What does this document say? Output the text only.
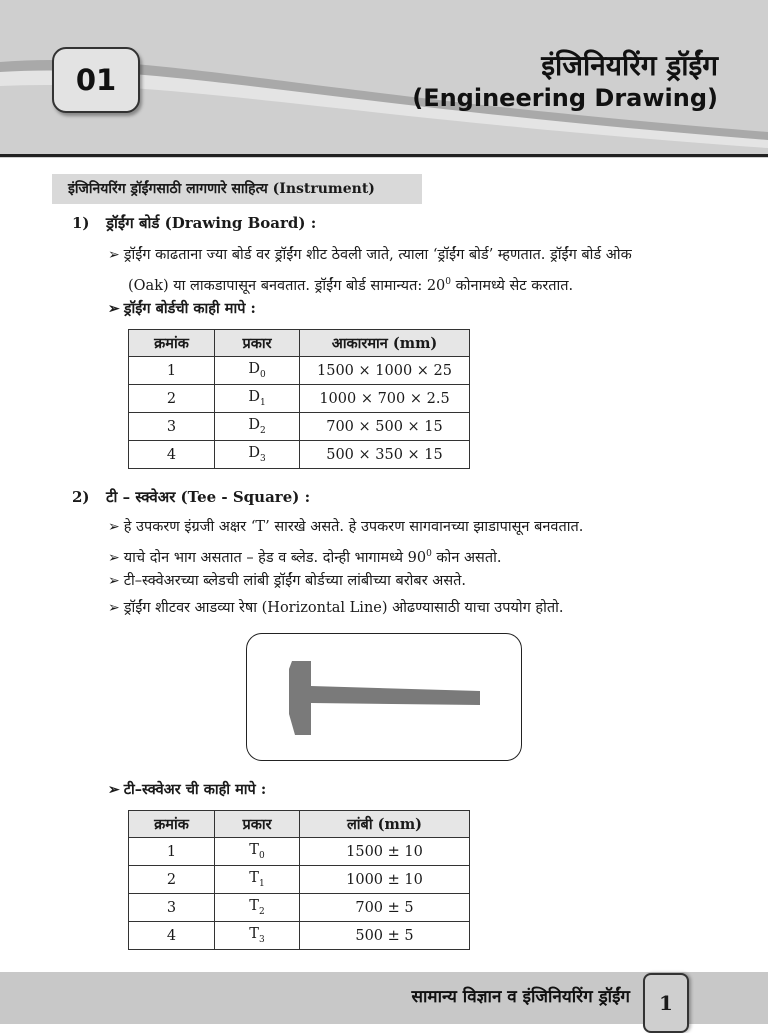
01	इंजिनियरिंग ड्रॉईंग
(Engineering Drawing)
इंजिनियरिंग ड्रॉईंगसाठी लागणारे साहित्य (Instrument)
1) ड्रॉईंग बोर्ड (Drawing Board) :
➢ ड्रॉईंग काढताना ज्या बोर्ड वर ड्रॉईंग शीट ठेवली जाते, त्याला ‘ड्रॉईंग बोर्ड’ म्हणतात. ड्रॉईंग बोर्ड ओक
(Oak) या लाकडापासून बनवतात. ड्रॉईंग बोर्ड सामान्यत: $20^0$ कोनामध्ये सेट करतात.
➢ ड्रॉईंग बोर्डची काही मापे :
क्रमांक	प्रकार	आकारमान (mm)
1	$D_0$	1500 × 1000 × 25
2	$D_1$	1000 × 700 × 2.5
3	$D_2$	700 × 500 × 15
4	$D_3$	500 × 350 × 15
2) टी – स्क्वेअर (Tee - Square) :
➢ हे उपकरण इंग्रजी अक्षर ‘T’ सारखे असते. हे उपकरण सागवानच्या झाडापासून बनवतात.
➢ याचे दोन भाग असतात – हेड व ब्लेड. दोन्ही भागामध्ये $90^0$ कोन असतो.
➢ टी–स्क्वेअरच्या ब्लेडची लांबी ड्रॉईंग बोर्डच्या लांबीच्या बरोबर असते.
➢ ड्रॉईंग शीटवर आडव्या रेषा (Horizontal Line) ओढण्यासाठी याचा उपयोग होतो.
➢ टी–स्क्वेअर ची काही मापे :
क्रमांक	प्रकार	लांबी (mm)
1	$T_0$	1500 ± 10
2	$T_1$	1000 ± 10
3	$T_2$	700 ± 5
4	$T_3$	500 ± 5
सामान्य विज्ञान व इंजिनियरिंग ड्रॉईंग	1
